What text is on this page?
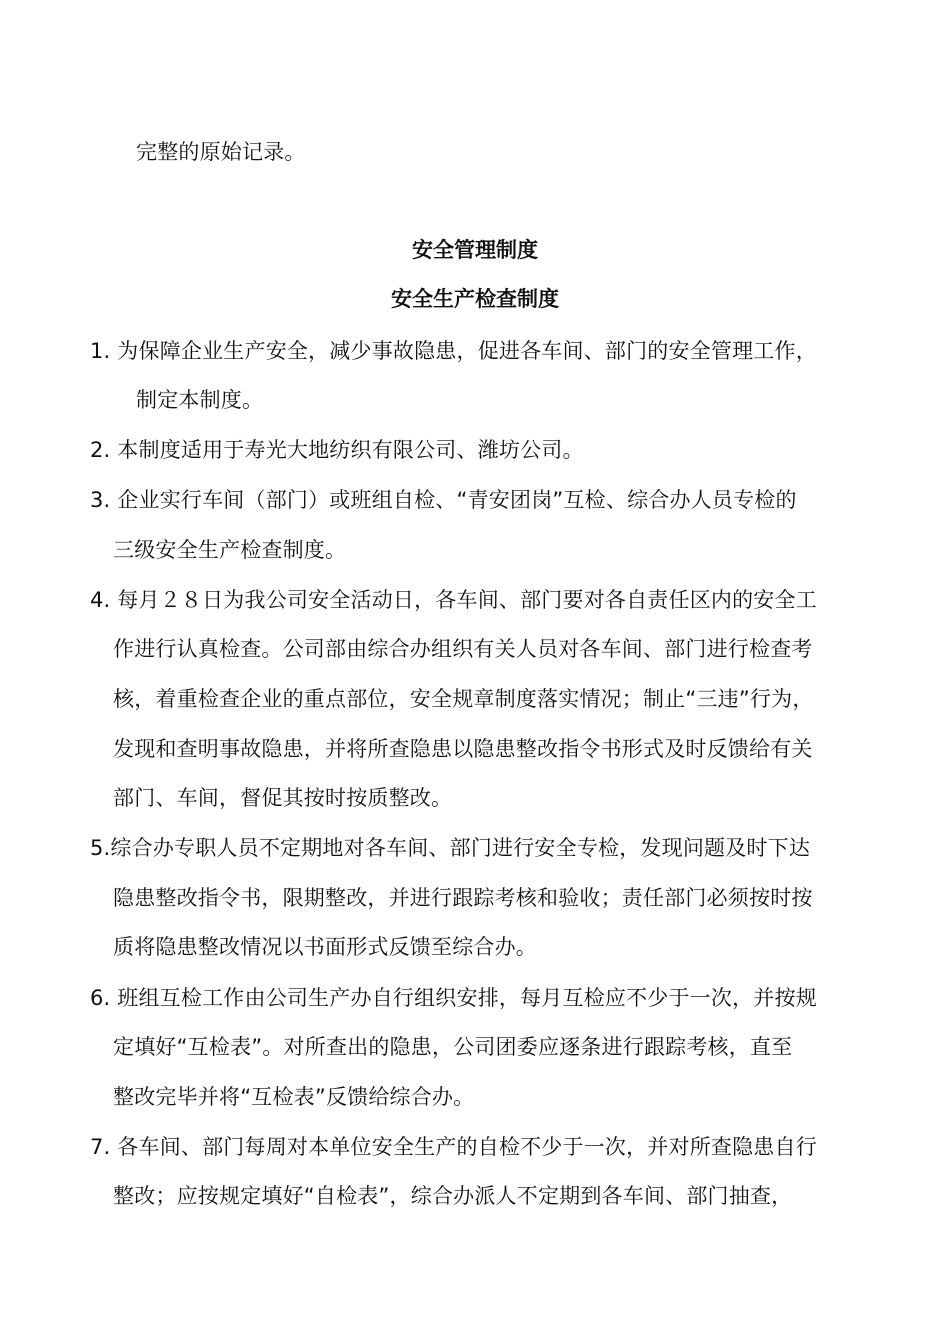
完整的原始记录。
安全管理制度
安全生产检查制度
1. 为保障企业生产安全，减少事故隐患，促进各车间、部门的安全管理工作，
制定本制度。
2. 本制度适用于寿光大地纺织有限公司、潍坊公司。
3. 企业实行车间（部门）或班组自检、“青安团岗”互检、综合办人员专检的
三级安全生产检查制度。
4. 每月２８日为我公司安全活动日，各车间、部门要对各自责任区内的安全工
作进行认真检查。公司部由综合办组织有关人员对各车间、部门进行检查考
核，着重检查企业的重点部位，安全规章制度落实情况；制止“三违”行为，
发现和查明事故隐患，并将所查隐患以隐患整改指令书形式及时反馈给有关
部门、车间，督促其按时按质整改。
5.综合办专职人员不定期地对各车间、部门进行安全专检，发现问题及时下达
隐患整改指令书，限期整改，并进行跟踪考核和验收；责任部门必须按时按
质将隐患整改情况以书面形式反馈至综合办。
6. 班组互检工作由公司生产办自行组织安排，每月互检应不少于一次，并按规
定填好“互检表”。对所查出的隐患，公司团委应逐条进行跟踪考核，直至
整改完毕并将“互检表”反馈给综合办。
7. 各车间、部门每周对本单位安全生产的自检不少于一次，并对所查隐患自行
整改；应按规定填好“自检表”，综合办派人不定期到各车间、部门抽查，
